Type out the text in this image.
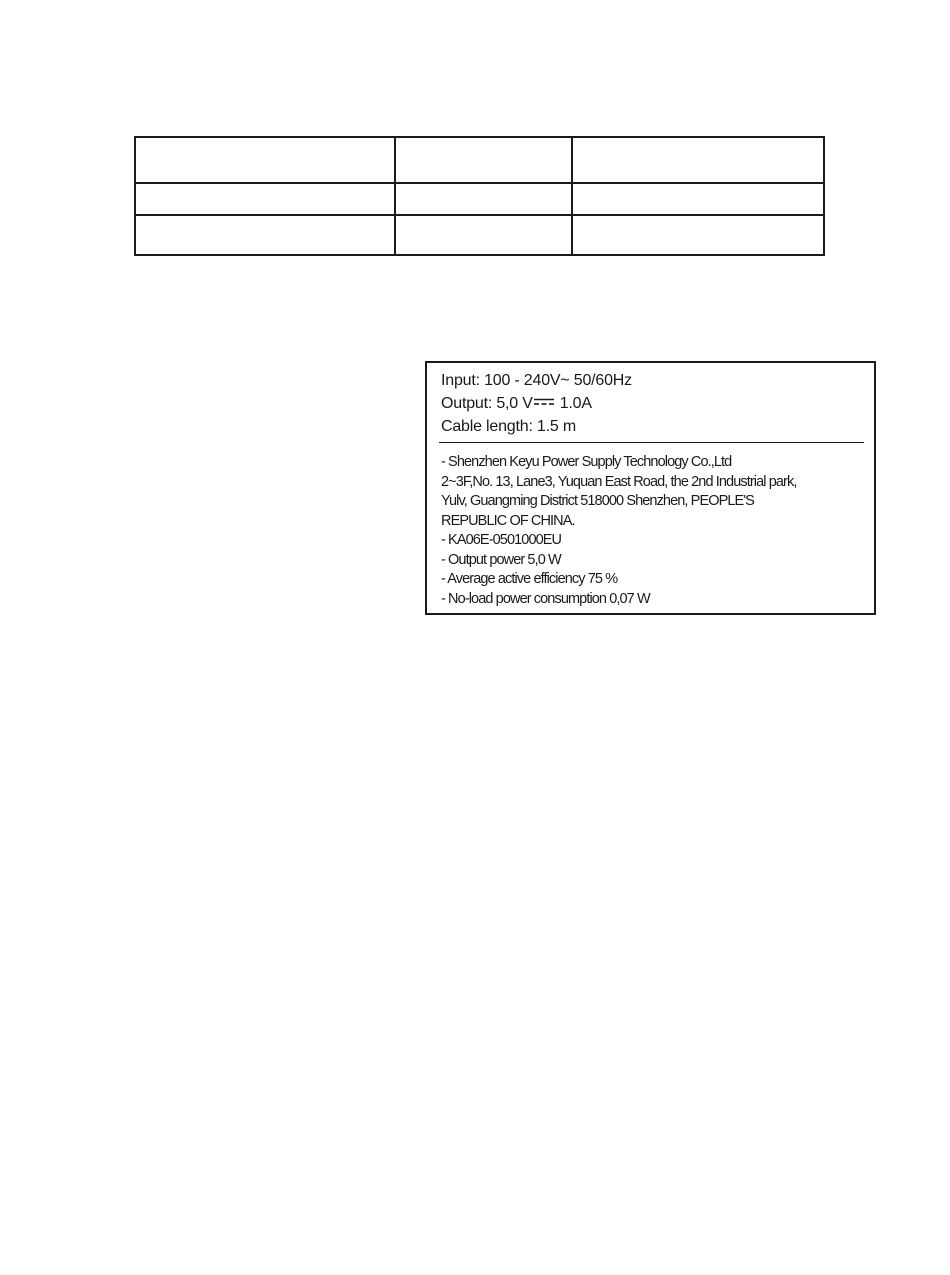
Input: 100 - 240V~ 50/60Hz
Output: 5,0 V 1.0A
Cable length: 1.5 m
- Shenzhen Keyu Power Supply Technology Co.,Ltd
2~3F,No. 13, Lane3, Yuquan East Road, the 2nd Industrial park,
Yulv, Guangming District 518000 Shenzhen, PEOPLE'S
REPUBLIC OF CHINA.
- KA06E-0501000EU
- Output power 5,0 W
- Average active efficiency 75 %
- No-load power consumption 0,07 W
